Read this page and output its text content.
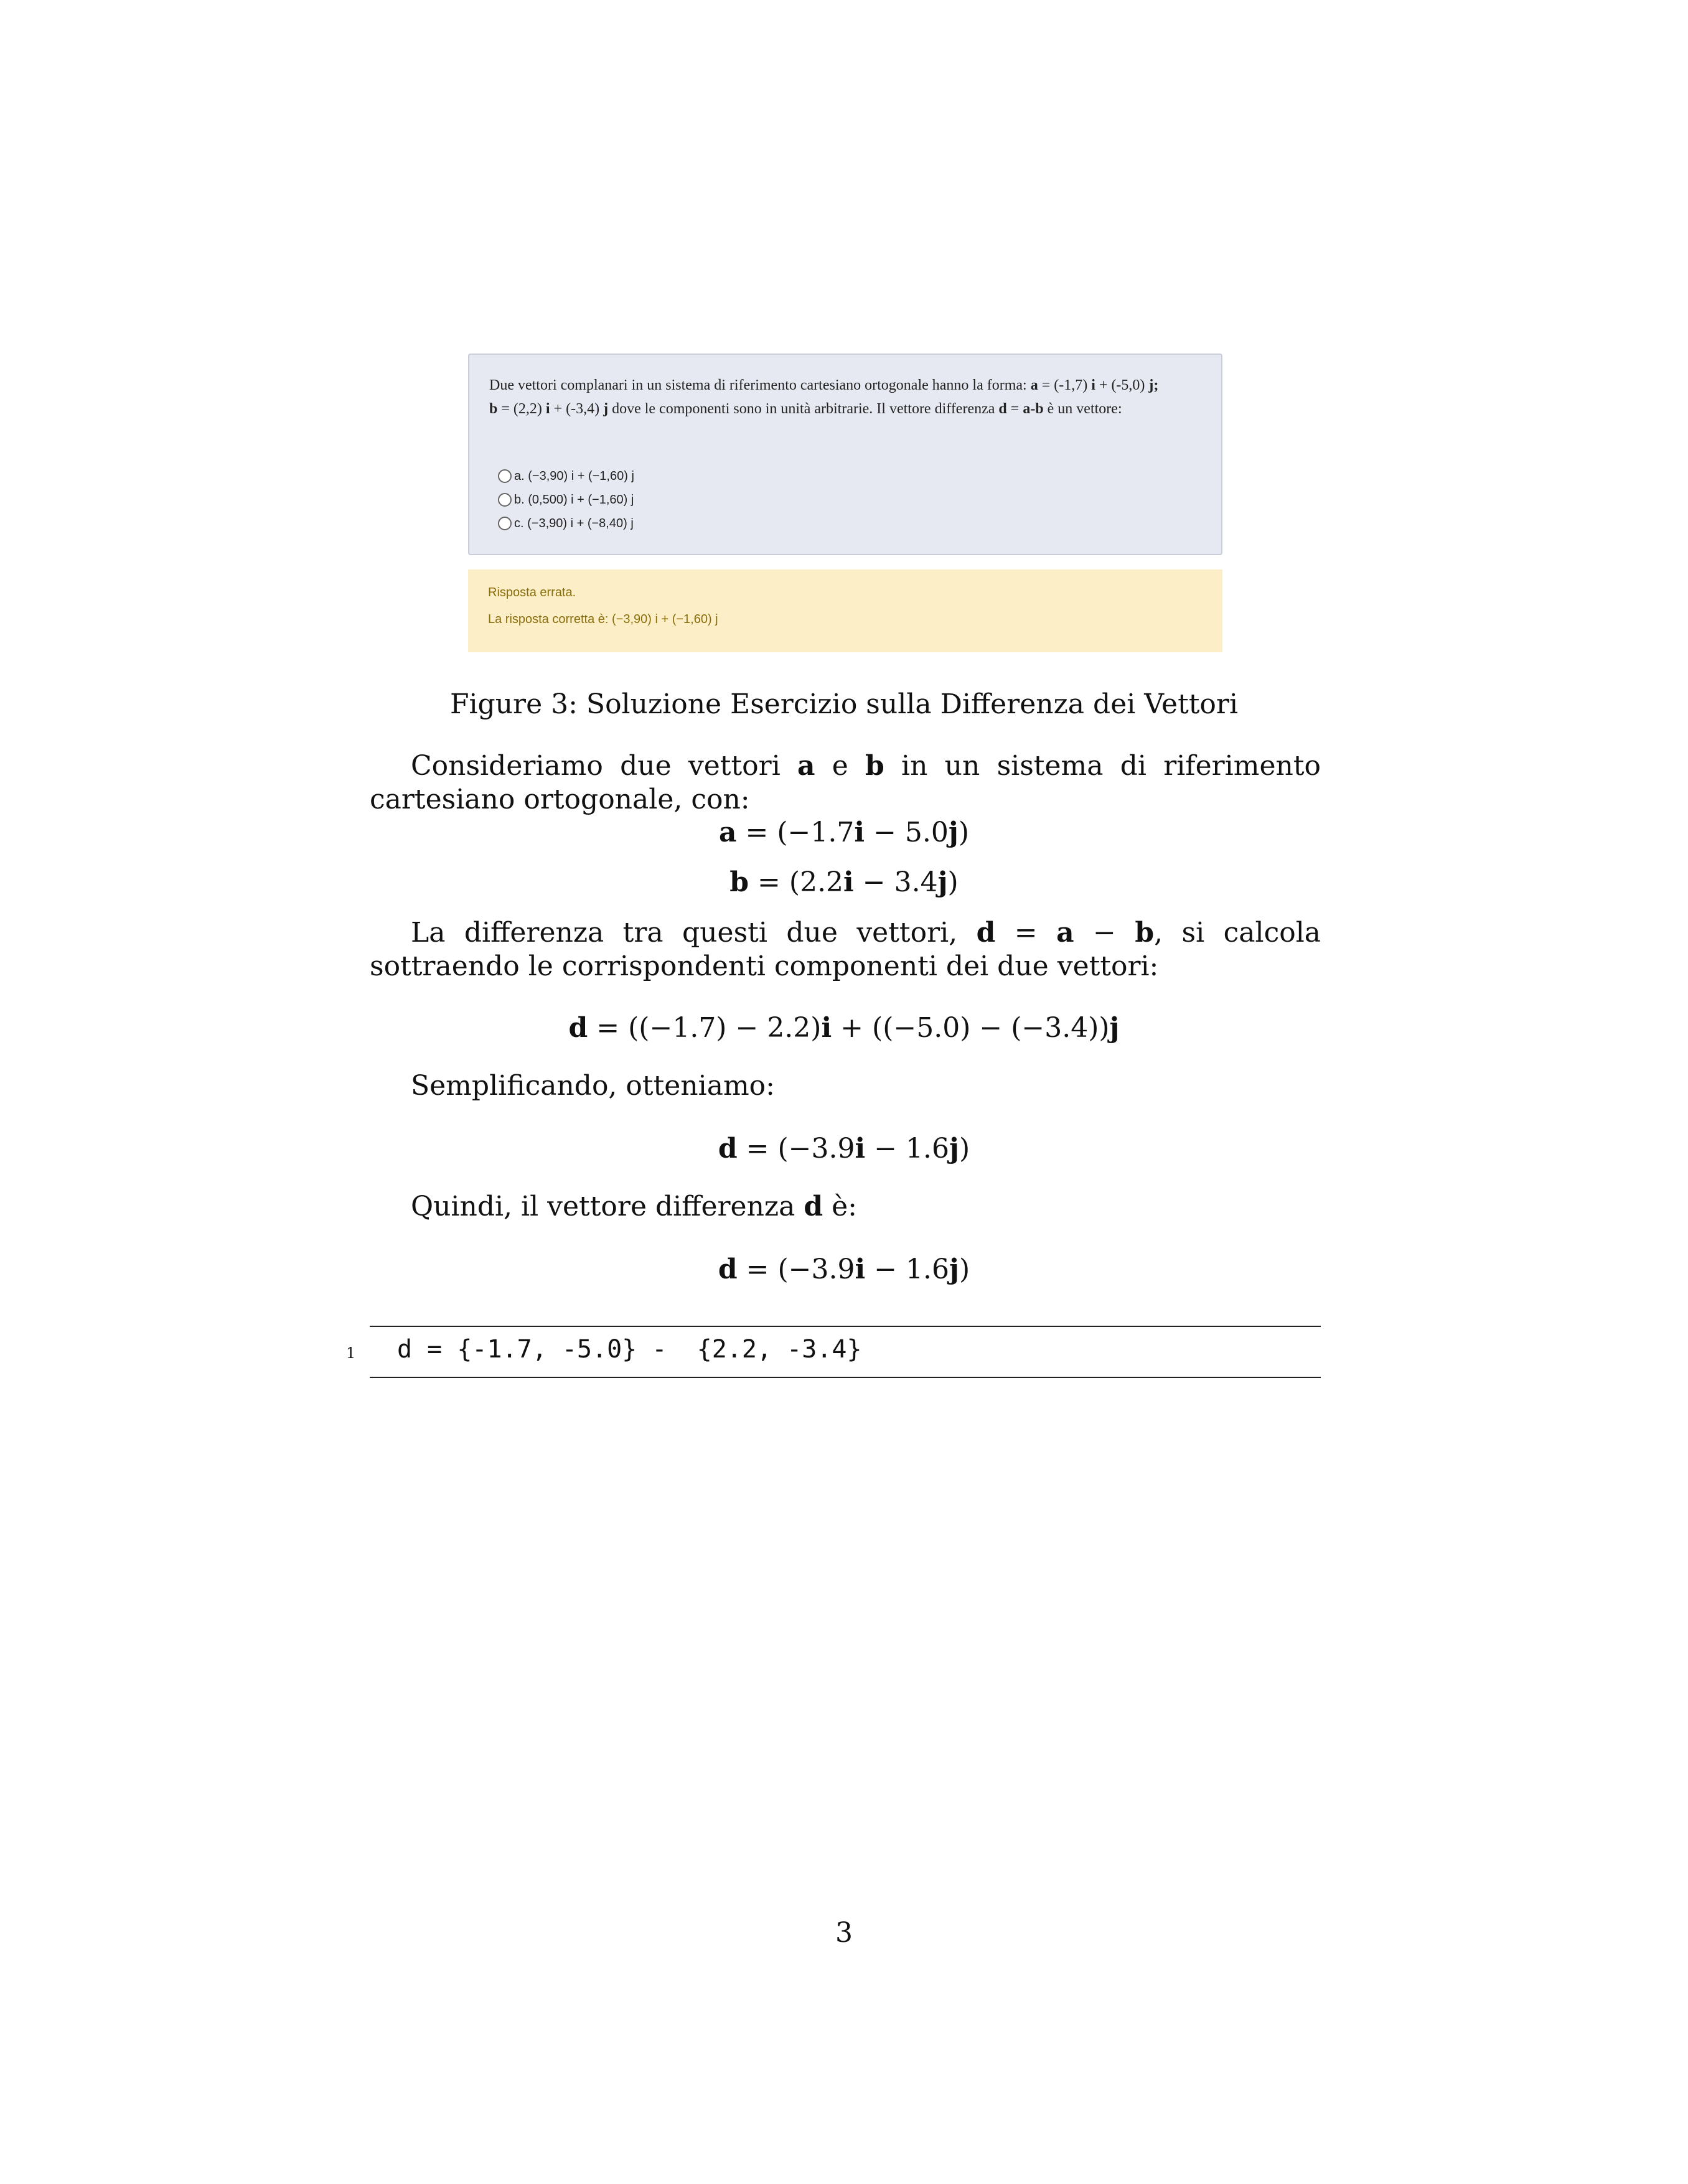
Due vettori complanari in un sistema di riferimento cartesiano ortogonale hanno la forma: a = (-1,7) i + (-5,0) j;
b = (2,2) i + (-3,4) j dove le componenti sono in unità arbitrarie. Il vettore differenza d = a-b è un vettore:
a. (−3,90) i + (−1,60) j
b. (0,500) i + (−1,60) j
c. (−3,90) i + (−8,40) j
Risposta errata.
La risposta corretta è: (−3,90) i + (−1,60) j
Figure 3: Soluzione Esercizio sulla Differenza dei Vettori
Consideriamo due vettori a e b in un sistema di riferimento cartesiano ortogonale, con:
a = (−1.7i − 5.0j)
b = (2.2i − 3.4j)
La differenza tra questi due vettori, d = a − b, si calcola sottraendo le corrispondenti componenti dei due vettori:
d = ((−1.7) − 2.2)i + ((−5.0) − (−3.4))j
Semplificando, otteniamo:
d = (−3.9i − 1.6j)
Quindi, il vettore differenza d è:
d = (−3.9i − 1.6j)
1 d = {-1.7, -5.0} -  {2.2, -3.4}
3
